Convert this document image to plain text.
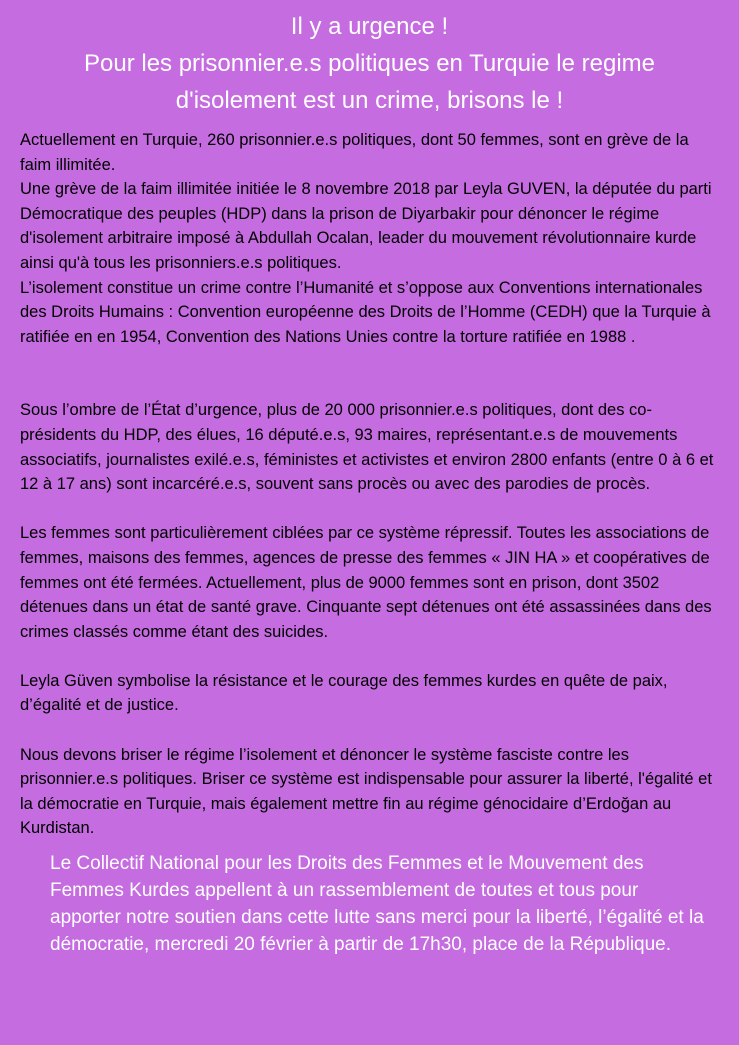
Il y a urgence !
Pour les prisonnier.e.s politiques en Turquie le regime
d'isolement est un crime, brisons le !

Actuellement en Turquie, 260 prisonnier.e.s politiques, dont 50 femmes, sont en grève de la faim illimitée.

Une grève de la faim illimitée initiée le 8 novembre 2018 par Leyla GUVEN, la députée du parti Démocratique des peuples (HDP) dans la prison de Diyarbakir pour dénoncer le régime d'isolement arbitraire imposé à Abdullah Ocalan, leader du mouvement révolutionnaire kurde ainsi qu'à tous les prisonniers.e.s politiques.

L’isolement constitue un crime contre l’Humanité et s’oppose aux Conventions internationales des Droits Humains : Convention européenne des Droits de l’Homme (CEDH) que la Turquie à ratifiée en en 1954, Convention des Nations Unies contre la torture ratifiée en 1988 .

Sous l’ombre de l’État d’urgence, plus de 20 000 prisonnier.e.s politiques, dont des co-présidents du HDP, des élues, 16 député.e.s, 93 maires, représentant.e.s de mouvements associatifs, journalistes exilé.e.s, féministes et activistes et environ 2800 enfants (entre 0 à 6 et 12 à 17 ans) sont incarcéré.e.s, souvent sans procès ou avec des parodies de procès.

Les femmes sont particulièrement ciblées par ce système répressif. Toutes les associations de femmes, maisons des femmes, agences de presse des femmes « JIN HA » et coopératives de femmes ont été fermées. Actuellement, plus de 9000 femmes sont en prison, dont 3502 détenues dans un état de santé grave. Cinquante sept détenues ont été assassinées dans des crimes classés comme étant des suicides.

Leyla Güven symbolise la résistance et le courage des femmes kurdes en quête de paix, d’égalité et de justice.

Nous devons briser le régime l’isolement et dénoncer le système fasciste contre les prisonnier.e.s politiques. Briser ce système est indispensable pour assurer la liberté, l'égalité et la démocratie en Turquie, mais également mettre fin au régime génocidaire d’Erdoğan au Kurdistan.

Le Collectif National pour les Droits des Femmes et le Mouvement des Femmes Kurdes appellent à un rassemblement de toutes et tous pour apporter notre soutien dans cette lutte sans merci pour la liberté, l’égalité et la démocratie, mercredi 20 février à partir de 17h30, place de la République.
